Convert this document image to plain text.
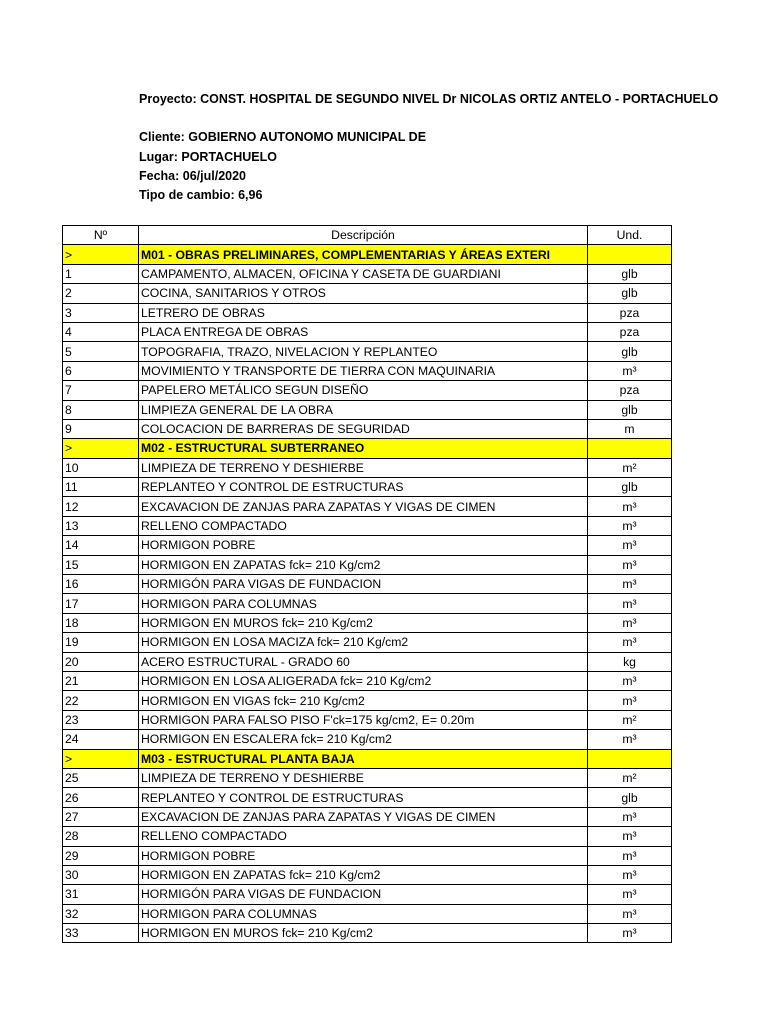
Proyecto: CONST. HOSPITAL DE SEGUNDO NIVEL Dr NICOLAS ORTIZ ANTELO - PORTACHUELO
Cliente: GOBIERNO AUTONOMO MUNICIPAL DE
Lugar: PORTACHUELO
Fecha: 06/jul/2020
Tipo de cambio: 6,96
Nº	Descripción	Und.
>	M01 - OBRAS PRELIMINARES, COMPLEMENTARIAS Y ÁREAS EXTERI	
1	CAMPAMENTO, ALMACEN, OFICINA Y CASETA DE GUARDIANI	glb
2	COCINA, SANITARIOS Y OTROS	glb
3	LETRERO DE OBRAS	pza
4	PLACA ENTREGA DE OBRAS	pza
5	TOPOGRAFIA, TRAZO, NIVELACION Y REPLANTEO	glb
6	MOVIMIENTO Y TRANSPORTE DE TIERRA CON MAQUINARIA	m³
7	PAPELERO METÁLICO SEGUN DISEÑO	pza
8	LIMPIEZA GENERAL DE LA OBRA	glb
9	COLOCACION DE BARRERAS DE SEGURIDAD	m
>	M02 - ESTRUCTURAL SUBTERRANEO	
10	LIMPIEZA DE TERRENO Y DESHIERBE	m²
11	REPLANTEO Y CONTROL DE ESTRUCTURAS	glb
12	EXCAVACION DE ZANJAS PARA ZAPATAS Y VIGAS DE CIMEN	m³
13	RELLENO COMPACTADO	m³
14	HORMIGON POBRE	m³
15	HORMIGON EN ZAPATAS fck= 210 Kg/cm2	m³
16	HORMIGÓN PARA VIGAS DE FUNDACION	m³
17	HORMIGON PARA COLUMNAS	m³
18	HORMIGON EN MUROS fck= 210 Kg/cm2	m³
19	HORMIGON EN LOSA MACIZA fck= 210 Kg/cm2	m³
20	ACERO ESTRUCTURAL - GRADO 60	kg
21	HORMIGON EN LOSA ALIGERADA fck= 210 Kg/cm2	m³
22	HORMIGON EN VIGAS fck= 210 Kg/cm2	m³
23	HORMIGON PARA FALSO PISO F'ck=175 kg/cm2, E= 0.20m	m²
24	HORMIGON EN ESCALERA fck= 210 Kg/cm2	m³
>	M03 - ESTRUCTURAL PLANTA BAJA	
25	LIMPIEZA DE TERRENO Y DESHIERBE	m²
26	REPLANTEO Y CONTROL DE ESTRUCTURAS	glb
27	EXCAVACION DE ZANJAS PARA ZAPATAS Y VIGAS DE CIMEN	m³
28	RELLENO COMPACTADO	m³
29	HORMIGON POBRE	m³
30	HORMIGON EN ZAPATAS fck= 210 Kg/cm2	m³
31	HORMIGÓN PARA VIGAS DE FUNDACION	m³
32	HORMIGON PARA COLUMNAS	m³
33	HORMIGON EN MUROS fck= 210 Kg/cm2	m³
